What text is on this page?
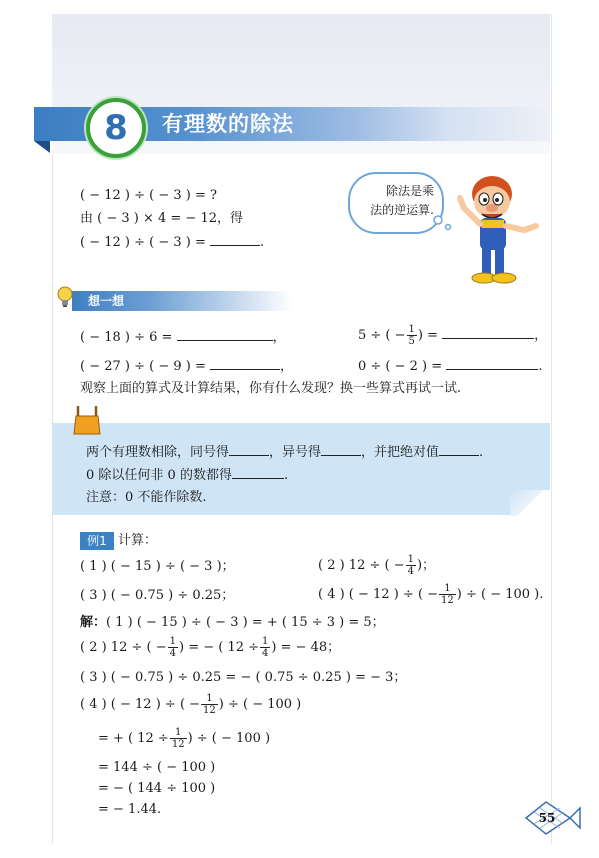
8	有理数的除法
( − 12 ) ÷ ( − 3 ) = ?
由 ( − 3 ) × 4 = − 12，得
( − 12 ) ÷ ( − 3 ) =	.
除法是乘
法的逆运算.
想一想
( − 18 ) ÷ 6 =	，	5 ÷ ( − $\frac{1}{5}$ ) =	，
( − 27 ) ÷ ( − 9 ) =	，	0 ÷ ( − 2 ) =	.
观察上面的算式及计算结果，你有什么发现？换一些算式再试一试.
两个有理数相除，同号得	，异号得	，并把绝对值	.
0 除以任何非 0 的数都得	.
注意：0 不能作除数.
例1 计算：
( 1 ) ( − 15 ) ÷ ( − 3 )；	( 2 ) 12 ÷ ( − $\frac{1}{4}$ )；
( 3 ) ( − 0.75 ) ÷ 0.25；	( 4 ) ( − 12 ) ÷ ( − $\frac{1}{12}$ ) ÷ ( − 100 ).
解：( 1 ) ( − 15 ) ÷ ( − 3 ) = + ( 15 ÷ 3 ) = 5；
( 2 ) 12 ÷ ( − $\frac{1}{4}$ ) = − ( $12 \div \frac{1}{4}$ ) = − 48；
( 3 ) ( − 0.75 ) ÷ 0.25 = − ( 0.75 ÷ 0.25 ) = − 3；
( 4 ) ( − 12 ) ÷ ( − $\frac{1}{12}$ ) ÷ ( − 100 )
= + ( $12 \div \frac{1}{12}$ ) ÷ ( − 100 )
= 144 ÷ ( − 100 )
= − ( 144 ÷ 100 )
= − 1.44.
55
